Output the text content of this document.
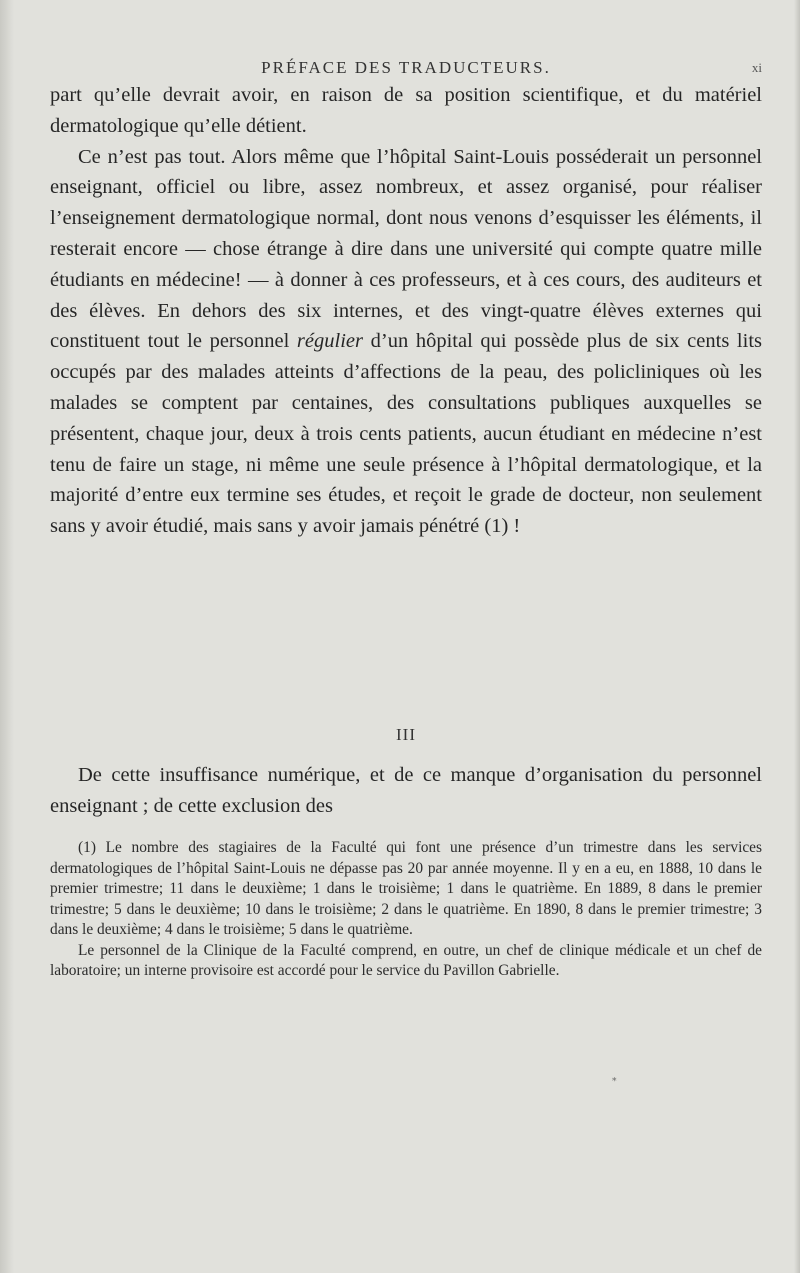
PRÉFACE DES TRADUCTEURS.	xi

part qu’elle devrait avoir, en raison de sa position scientifique, et du matériel dermatologique qu’elle détient.

Ce n’est pas tout. Alors même que l’hôpital Saint-Louis posséderait un personnel enseignant, officiel ou libre, assez nombreux, et assez organisé, pour réaliser l’enseignement dermatologique normal, dont nous venons d’esquisser les éléments, il resterait encore — chose étrange à dire dans une université qui compte quatre mille étudiants en médecine! — à donner à ces professeurs, et à ces cours, des auditeurs et des élèves. En dehors des six internes, et des vingt-quatre élèves externes qui constituent tout le personnel régulier d’un hôpital qui possède plus de six cents lits occupés par des malades atteints d’affections de la peau, des policliniques où les malades se comptent par centaines, des consultations publiques auxquelles se présentent, chaque jour, deux à trois cents patients, aucun étudiant en médecine n’est tenu de faire un stage, ni même une seule présence à l’hôpital dermatologique, et la majorité d’entre eux termine ses études, et reçoit le grade de docteur, non seulement sans y avoir étudié, mais sans y avoir jamais pénétré (1) !

III

De cette insuffisance numérique, et de ce manque d’organisation du personnel enseignant ; de cette exclusion des

(1) Le nombre des stagiaires de la Faculté qui font une présence d’un trimestre dans les services dermatologiques de l’hôpital Saint-Louis ne dépasse pas 20 par année moyenne. Il y en a eu, en 1888, 10 dans le premier trimestre; 11 dans le deuxième; 1 dans le troisième; 1 dans le quatrième. En 1889, 8 dans le premier trimestre; 5 dans le deuxième; 10 dans le troisième; 2 dans le quatrième. En 1890, 8 dans le premier trimestre; 3 dans le deuxième; 4 dans le troisième; 5 dans le quatrième.

Le personnel de la Clinique de la Faculté comprend, en outre, un chef de clinique médicale et un chef de laboratoire; un interne provisoire est accordé pour le service du Pavillon Gabrielle.

*
